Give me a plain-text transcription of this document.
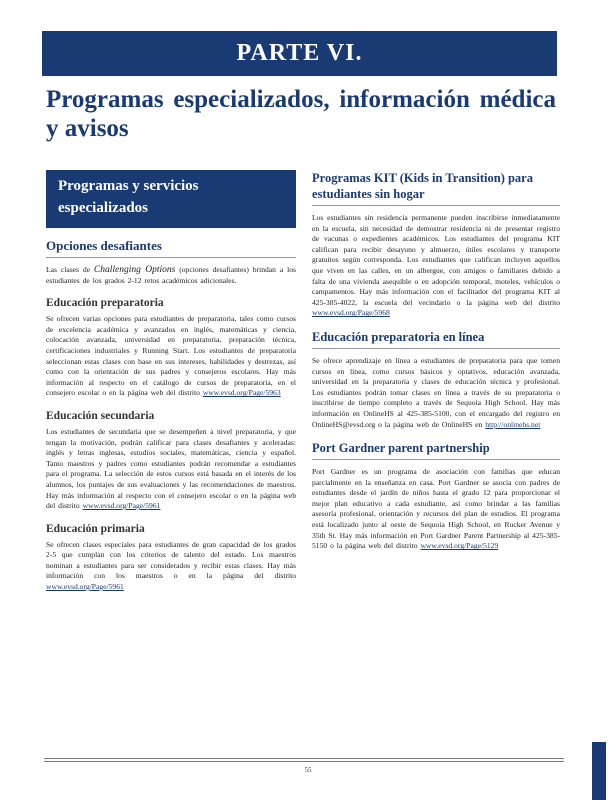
PARTE VI.
Programas especializados, información médica y avisos
Programas y servicios especializados
Opciones desafiantes

Las clases de Challenging Options (opciones desafiantes) brindan a los estudiantes de los grados 2-12 retos académicos adicionales.

Educación preparatoria

Se ofrecen varias opciones para estudiantes de preparatoria, tales como cursos de excelencia académica y avanzados en inglés, matemáticas y ciencia, colocación avanzada, universidad en preparatoria, preparación técnica, certificaciones industriales y Running Start. Los estudiantes de preparatoria seleccionan estas clases con base en sus intereses, habilidades y destrezas, así como con la orientación de sus padres y consejeros escolares. Hay más información al respecto en el catálogo de cursos de preparatoria, en el consejero escolar o en la página web del distrito www.evsd.org/Page/5963

Educación secundaria

Los estudiantes de secundaria que se desempeñen a nivel preparatoria, y que tengan la motivación, podrán calificar para clases desafiantes y aceleradas: inglés y letras inglesas, estudios sociales, matemáticas, ciencia y español. Tanto maestros y padres como estudiantes podrán recomendar a estudiantes para el programa. La selección de estos cursos está basada en el interés de los alumnos, los puntajes de sus evaluaciones y las recomendaciones de maestros. Hay más información al respecto con el consejero escolar o en la página web del distrito www.evsd.org/Page/5961

Educación primaria

Se ofrecen clases especiales para estudiantes de gran capacidad de los grados 2-5 que cumplan con los criterios de talento del estado. Los maestros nominan a estudiantes para ser considerados y recibir estas clases. Hay más información con los maestros o en la página del distrito www.evsd.org/Page/5961

Programas KIT (Kids in Transition) para estudiantes sin hogar

Los estudiantes sin residencia permanente pueden inscribirse inmediatamente en la escuela, sin necesidad de demostrar residencia ni de presentar registro de vacunas o expedientes académicos. Los estudiantes del programa KIT califican para recibir desayuno y almuerzo, útiles escolares y transporte gratuitos según corresponda. Los estudiantes que califican incluyen aquellos que viven en las calles, en un albergue, con amigos o familiares debido a falta de una vivienda asequible o en adopción temporal, moteles, vehículos o campamentos. Hay más información con el facilitador del programa KIT al 425-385-4022, la escuela del vecindario o la página web del distrito www.evsd.org/Page/5968

Educación preparatoria en línea

Se ofrece aprendizaje en línea a estudiantes de preparatoria para que tomen cursos en línea, como cursos básicos y optativos, educación avanzada, universidad en la preparatoria y clases de educación técnica y profesional. Los estudiantes podrán tomar clases en línea a través de su preparatoria o inscribirse de tiempo completo a través de Sequoia High School. Hay más información en OnlineHS al 425-385-5100, con el encargado del registro en OnlineHS@evsd.org o la página web de OnlineHS en http://onlinehs.net

Port Gardner parent partnership

Port Gardner es un programa de asociación con familias que educan parcialmente en la enseñanza en casa. Port Gardner se asocia con padres de estudiantes desde el jardín de niños hasta el grado 12 para proporcionar el mejor plan educativo a cada estudiante, así como brindar a las familias asesoría profesional, orientación y recursos del plan de estudios. El programa está localizado junto al oeste de Sequoia High School, en Rucker Avenue y 35th St. Hay más información en Port Gardner Parent Partnership al 425-385-5150 o la página web del distrito www.evsd.org/Page/5129

55
